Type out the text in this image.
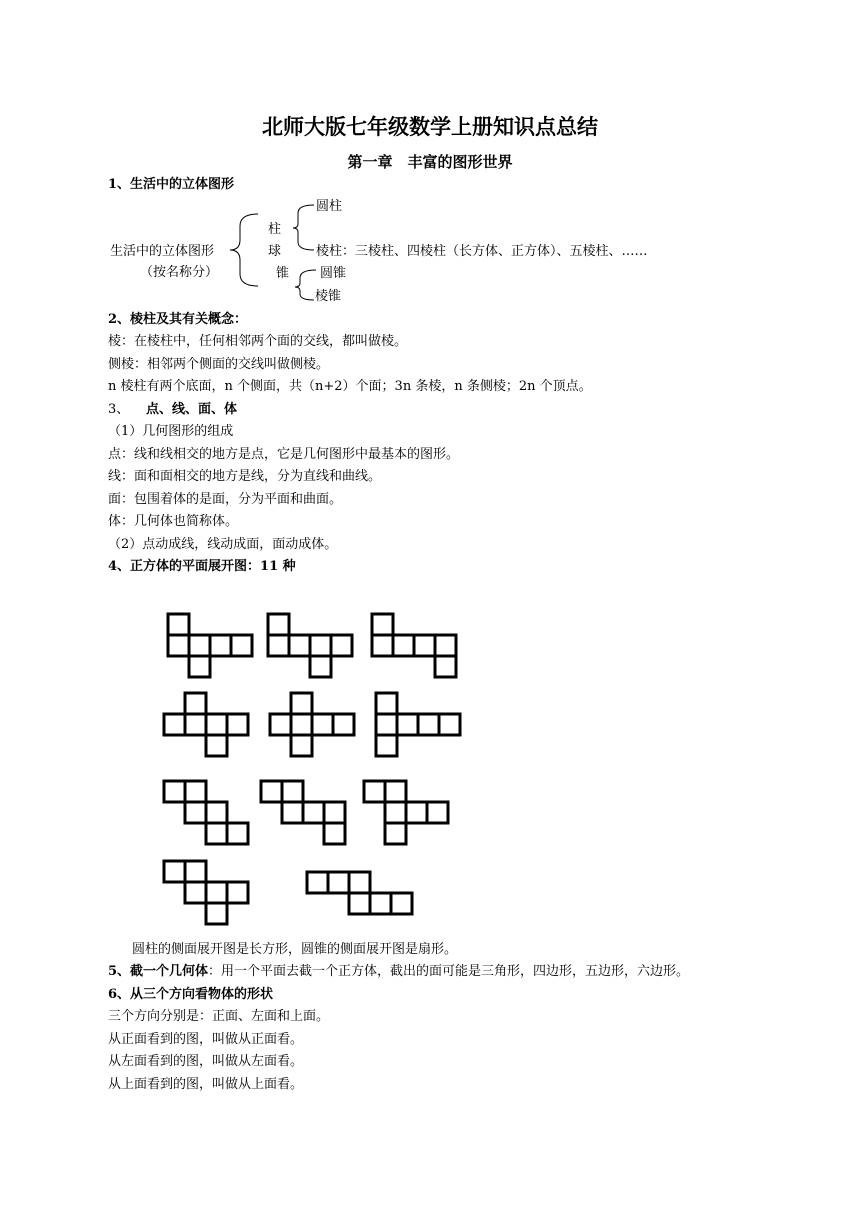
北师大版七年级数学上册知识点总结
第一章　丰富的图形世界
1、生活中的立体图形
圆柱
柱
生活中的立体图形	球	棱柱：三棱柱、四棱柱（长方体、正方体）、五棱柱、……
（按名称分）	锥 圆锥
棱锥
2、棱柱及其有关概念：
棱：在棱柱中，任何相邻两个面的交线，都叫做棱。
侧棱：相邻两个侧面的交线叫做侧棱。
n 棱柱有两个底面，n 个侧面，共（n+2）个面；3n 条棱，n 条侧棱；2n 个顶点。
3、 点、线、面、体
（1）几何图形的组成
点：线和线相交的地方是点，它是几何图形中最基本的图形。
线：面和面相交的地方是线，分为直线和曲线。
面：包围着体的是面，分为平面和曲面。
体：几何体也简称体。
（2）点动成线，线动成面，面动成体。
4、正方体的平面展开图：11 种
圆柱的侧面展开图是长方形，圆锥的侧面展开图是扇形。
5、截一个几何体：用一个平面去截一个正方体，截出的面可能是三角形，四边形，五边形，六边形。
6、从三个方向看物体的形状
三个方向分别是：正面、左面和上面。
从正面看到的图，叫做从正面看。
从左面看到的图，叫做从左面看。
从上面看到的图，叫做从上面看。
